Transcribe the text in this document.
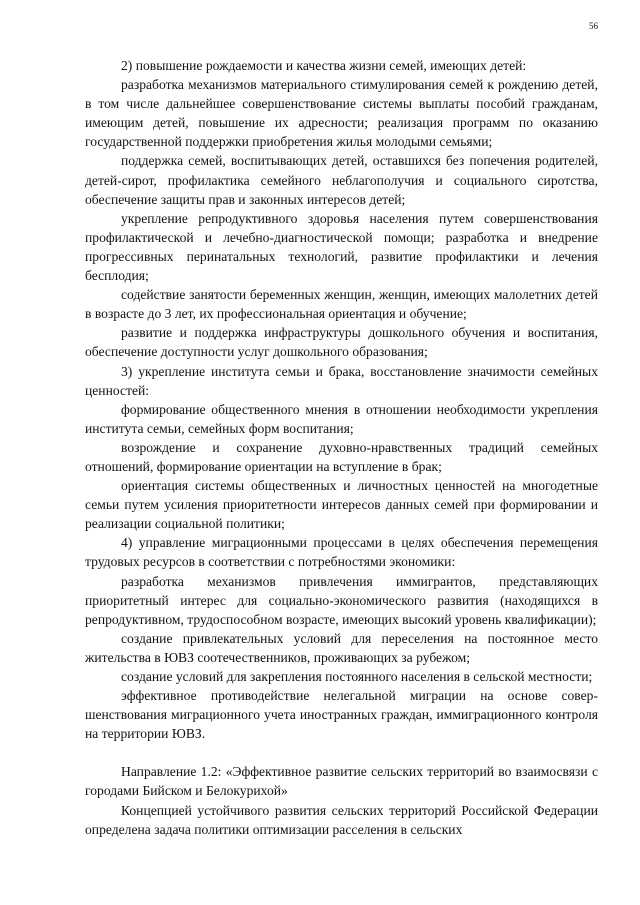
56

2) повышение рождаемости и качества жизни семей, имеющих детей:

разработка механизмов материального стимулирования семей к рождению детей, в том числе дальнейшее совершенствование системы выплаты пособий гражданам, имеющим детей, повышение их адресности; реализация программ по оказанию государственной поддержки приобретения жилья молодыми семьями;

поддержка семей, воспитывающих детей, оставшихся без попечения родителей, детей-сирот, профилактика семейного неблагополучия и социального сиротства, обеспечение защиты прав и законных интересов детей;

укрепление репродуктивного здоровья населения путем совершенствования профилактической и лечебно-диагностической помощи; разработка и внедрение прогрессивных перинатальных технологий, развитие профилактики и лечения бесплодия;

содействие занятости беременных женщин, женщин, имеющих малолетних детей в возрасте до 3 лет, их профессиональная ориентация и обучение;

развитие и поддержка инфраструктуры дошкольного обучения и воспитания, обеспечение доступности услуг дошкольного образования;

3) укрепление института семьи и брака, восстановление значимости семейных ценностей:

формирование общественного мнения в отношении необходимости укрепления института семьи, семейных форм воспитания;

возрождение и сохранение духовно-нравственных традиций семейных отношений, формирование ориентации на вступление в брак;

ориентация системы общественных и личностных ценностей на многодетные семьи путем усиления приоритетности интересов данных семей при формировании и реализации социальной политики;

4) управление миграционными процессами в целях обеспечения перемещения трудовых ресурсов в соответствии с потребностями экономики:

разработка механизмов привлечения иммигрантов, представляющих приоритетный интерес для социально-экономического развития (находящихся в репродуктивном, трудоспособном возрасте, имеющих высокий уровень квалификации);

создание привлекательных условий для переселения на постоянное место жительства в ЮВЗ соотечественников, проживающих за рубежом;

создание условий для закрепления постоянного населения в сельской местности;

эффективное противодействие нелегальной миграции на основе совершенствования миграционного учета иностранных граждан, иммиграционного контроля на территории ЮВЗ.

Направление 1.2: «Эффективное развитие сельских территорий во взаимосвязи с городами Бийском и Белокурихой»

Концепцией устойчивого развития сельских территорий Российской Федерации определена задача политики оптимизации расселения в сельских
